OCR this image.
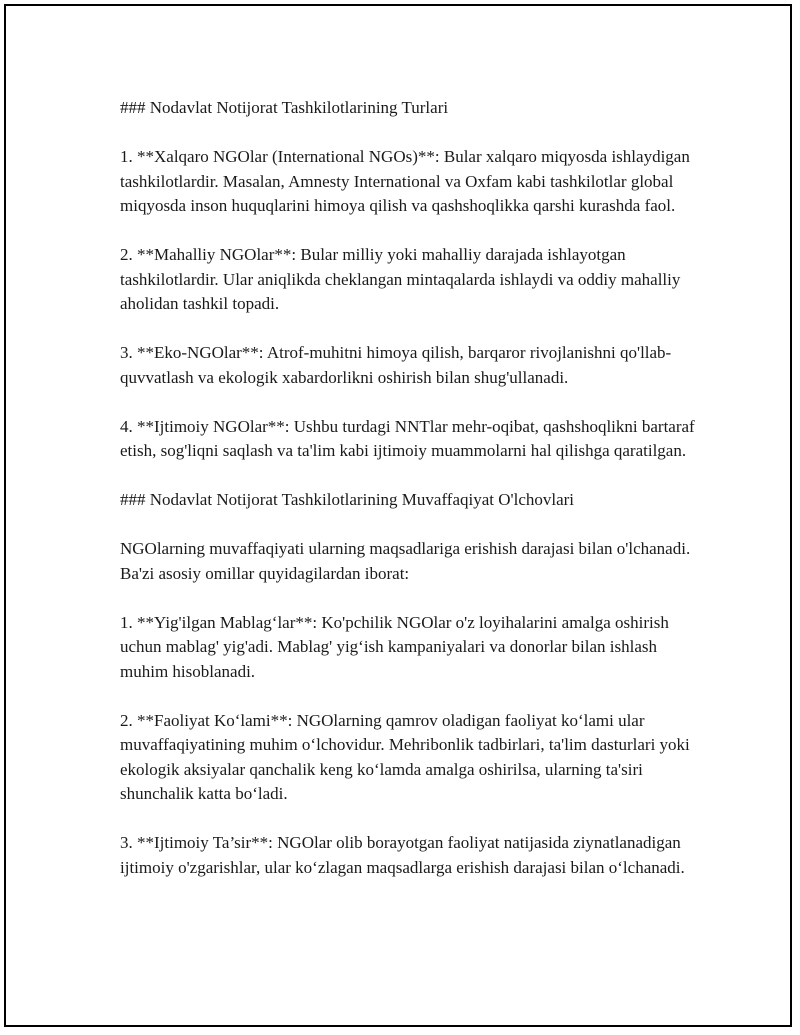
### Nodavlat Notijorat Tashkilotlarining Turlari

1. **Xalqaro NGOlar (International NGOs)**: Bular xalqaro miqyosda ishlaydigan tashkilotlardir. Masalan, Amnesty International va Oxfam kabi tashkilotlar global miqyosda inson huquqlarini himoya qilish va qashshoqlikka qarshi kurashda faol.

2. **Mahalliy NGOlar**: Bular milliy yoki mahalliy darajada ishlayotgan tashkilotlardir. Ular aniqlikda cheklangan mintaqalarda ishlaydi va oddiy mahalliy aholidan tashkil topadi.

3. **Eko-NGOlar**: Atrof-muhitni himoya qilish, barqaror rivojlanishni qo'llab-quvvatlash va ekologik xabardorlikni oshirish bilan shug'ullanadi.

4. **Ijtimoiy NGOlar**: Ushbu turdagi NNTlar mehr-oqibat, qashshoqlikni bartaraf etish, sog'liqni saqlash va ta'lim kabi ijtimoiy muammolarni hal qilishga qaratilgan.

### Nodavlat Notijorat Tashkilotlarining Muvaffaqiyat O'lchovlari

NGOlarning muvaffaqiyati ularning maqsadlariga erishish darajasi bilan o'lchanadi. Ba'zi asosiy omillar quyidagilardan iborat:

1. **Yig'ilgan Mablag‘lar**: Ko'pchilik NGOlar o'z loyihalarini amalga oshirish uchun mablag' yig'adi. Mablag' yig‘ish kampaniyalari va donorlar bilan ishlash muhim hisoblanadi.

2. **Faoliyat Ko‘lami**: NGOlarning qamrov oladigan faoliyat ko‘lami ular muvaffaqiyatining muhim o‘lchovidur. Mehribonlik tadbirlari, ta'lim dasturlari yoki ekologik aksiyalar qanchalik keng ko‘lamda amalga oshirilsa, ularning ta'siri shunchalik katta bo‘ladi.

3. **Ijtimoiy Ta’sir**: NGOlar olib borayotgan faoliyat natijasida ziynatlanadigan ijtimoiy o'zgarishlar, ular ko‘zlagan maqsadlarga erishish darajasi bilan o‘lchanadi.
